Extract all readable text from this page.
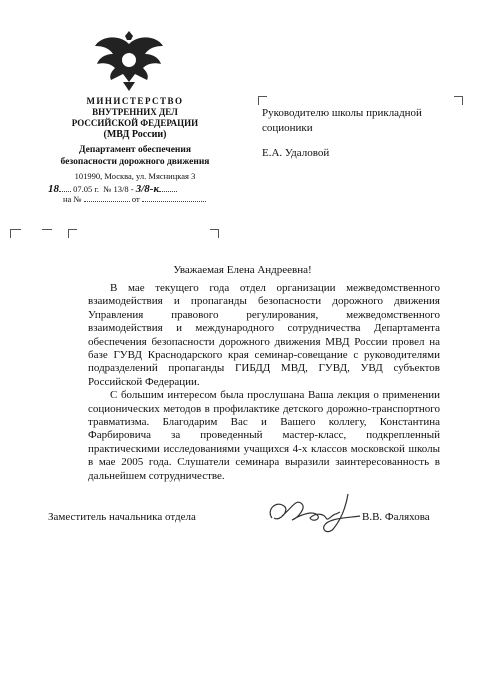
МИНИСТЕРСТВО
ВНУТРЕННИХ ДЕЛ
РОССИЙСКОЙ ФЕДЕРАЦИИ
(МВД России)
Департамент обеспечения
безопасности дорожного движения
101990, Москва, ул. Мясницкая 3
18 07.05 г. № 13/8 - 3/8-к
на №	от
Руководителю школы прикладной
соционики
Е.А. Удаловой
Уважаемая Елена Андреевна!

В мае текущего года отдел организации межведомственного взаимодействия и пропаганды безопасности дорожного движения Управления правового регулирования, межведомственного взаимодействия и международного сотрудничества Департамента обеспечения безопасности дорожного движения МВД России провел на базе ГУВД Краснодарского края семинар-совещание с руководителями подразделений пропаганды ГИБДД МВД, ГУВД, УВД субъектов Российской Федерации.

С большим интересом была прослушана Ваша лекция о применении соционических методов в профилактике детского дорожно-транспортного травматизма. Благодарим Вас и Вашего коллегу, Константина Фарбировича за проведенный мастер-класс, подкрепленный практическими исследованиями учащихся 4-х классов московской школы в мае 2005 года. Слушатели семинара выразили заинтересованность в дальнейшем сотрудничестве.

Заместитель начальника отдела	В.В. Фаляхова
